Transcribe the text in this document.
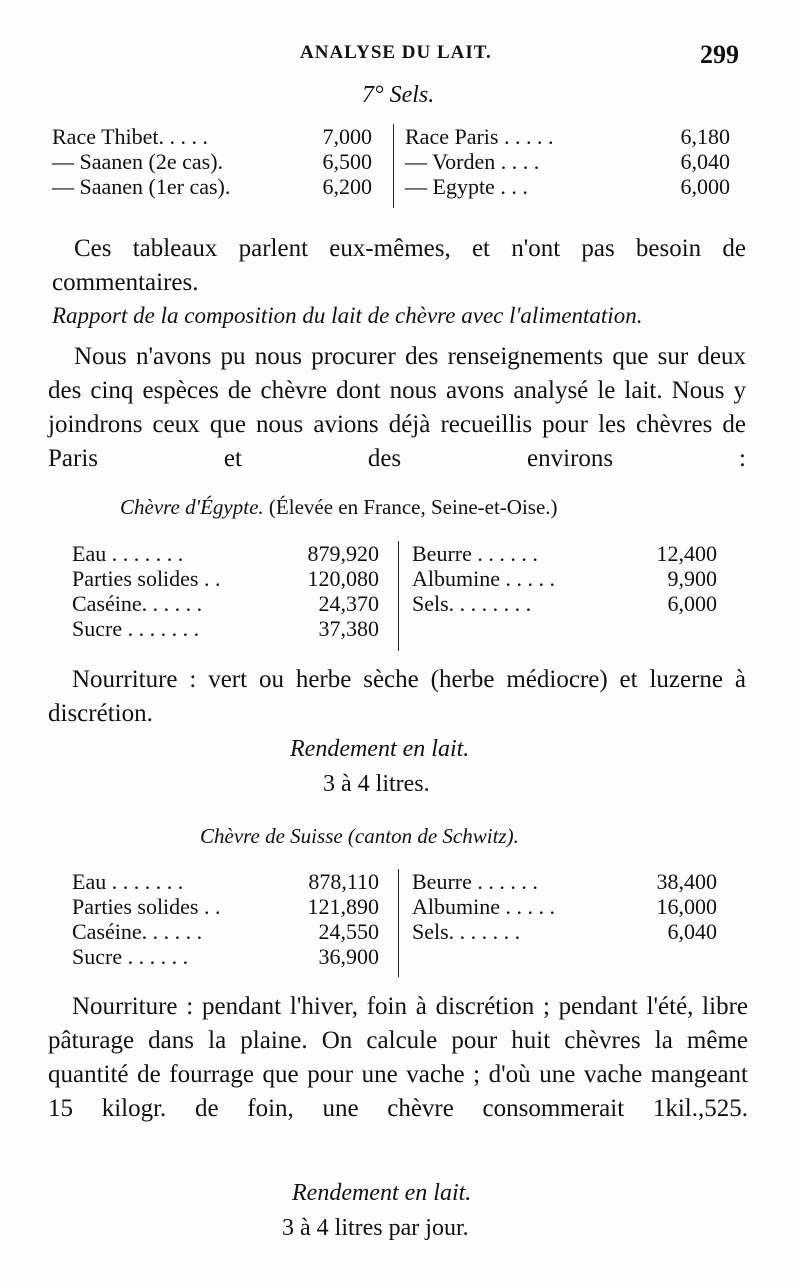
ANALYSE DU LAIT.	299
7° Sels.
Race Thibet. . . . .	7,000
— Saanen (2e cas).	6,500
— Saanen (1er cas).	6,200
Race Paris . . . . .	6,180
— Vorden . . . .	6,040
— Egypte . . .	6,000

Ces tableaux parlent eux-mêmes, et n'ont pas besoin de commentaires.

Rapport de la composition du lait de chèvre avec l'alimentation.

Nous n'avons pu nous procurer des renseignements que sur deux des cinq espèces de chèvre dont nous avons analysé le lait. Nous y joindrons ceux que nous avions déjà recueillis pour les chèvres de Paris et des environs :

Chèvre d'Égypte. (Élevée en France, Seine-et-Oise.)
Eau . . . . . . .	879,920
Parties solides . .	120,080
Caséine. . . . . .	24,370
Sucre . . . . . . .	37,380
Beurre . . . . . .	12,400
Albumine . . . . .	9,900
Sels. . . . . . . .	6,000

Nourriture : vert ou herbe sèche (herbe médiocre) et luzerne à discrétion.

Rendement en lait.
3 à 4 litres.
Chèvre de Suisse (canton de Schwitz).
Eau . . . . . . .	878,110
Parties solides . .	121,890
Caséine. . . . . .	24,550
Sucre . . . . . .	36,900
Beurre . . . . . .	38,400
Albumine . . . . .	16,000
Sels. . . . . . .	6,040

Nourriture : pendant l'hiver, foin à discrétion ; pendant l'été, libre pâturage dans la plaine. On calcule pour huit chèvres la même quantité de fourrage que pour une vache ; d'où une vache mangeant 15 kilogr. de foin, une chèvre consommerait 1kil.,525.

Rendement en lait.
3 à 4 litres par jour.
